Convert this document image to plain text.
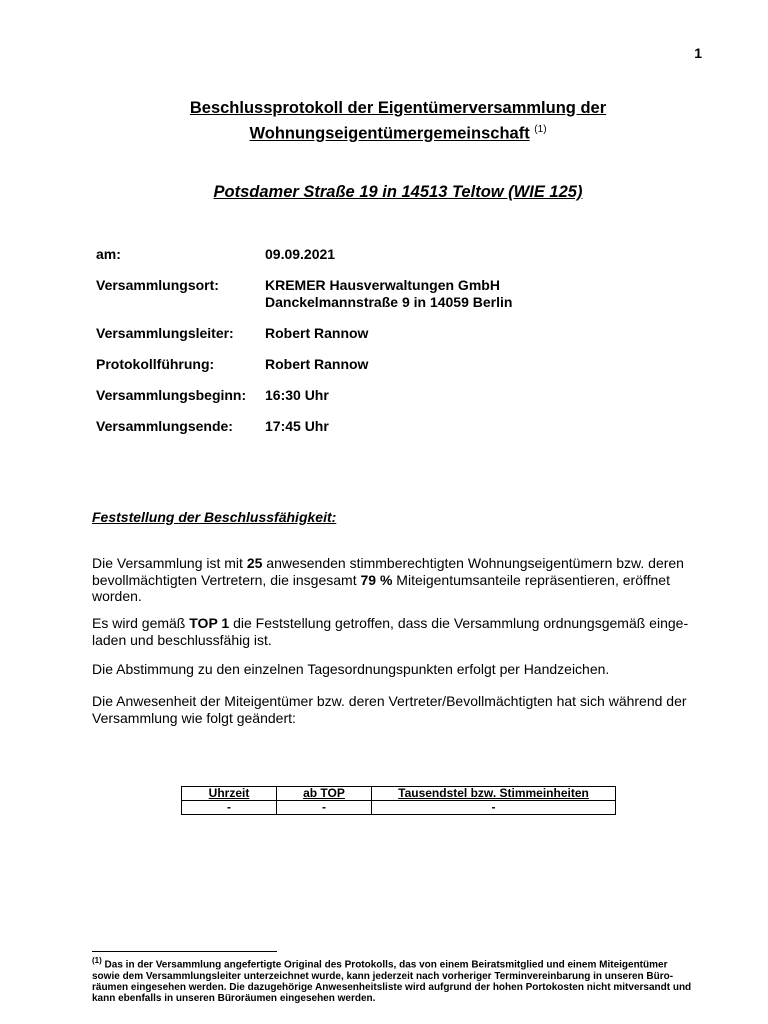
1
Beschlussprotokoll der Eigentümerversammlung der
Wohnungseigentümergemeinschaft $^{(1)}$
Potsdamer Straße 19 in 14513 Teltow (WIE 125)
am:	09.09.2021
Versammlungsort:	KREMER Hausverwaltungen GmbH
Danckelmannstraße 9 in 14059 Berlin
Versammlungsleiter:	Robert Rannow
Protokollführung:	Robert Rannow
Versammlungsbeginn:	16:30 Uhr
Versammlungsende:	17:45 Uhr
Feststellung der Beschlussfähigkeit:
Die Versammlung ist mit 25 anwesenden stimmberechtigten Wohnungseigentümern bzw. deren bevollmächtigten Vertretern, die insgesamt 79 % Miteigentumsanteile repräsentieren, eröffnet worden.
Es wird gemäß TOP 1 die Feststellung getroffen, dass die Versammlung ordnungsgemäß einge-laden und beschlussfähig ist.
Die Abstimmung zu den einzelnen Tagesordnungspunkten erfolgt per Handzeichen.
Die Anwesenheit der Miteigentümer bzw. deren Vertreter/Bevollmächtigten hat sich während der Versammlung wie folgt geändert:
Uhrzeit	ab TOP	Tausendstel bzw. Stimmeinheiten
-	-	-
$^{(1)}$ Das in der Versammlung angefertigte Original des Protokolls, das von einem Beiratsmitglied und einem Miteigentümer sowie dem Versammlungsleiter unterzeichnet wurde, kann jederzeit nach vorheriger Terminvereinbarung in unseren Büro-räumen eingesehen werden. Die dazugehörige Anwesenheitsliste wird aufgrund der hohen Portokosten nicht mitversandt und kann ebenfalls in unseren Büroräumen eingesehen werden.
